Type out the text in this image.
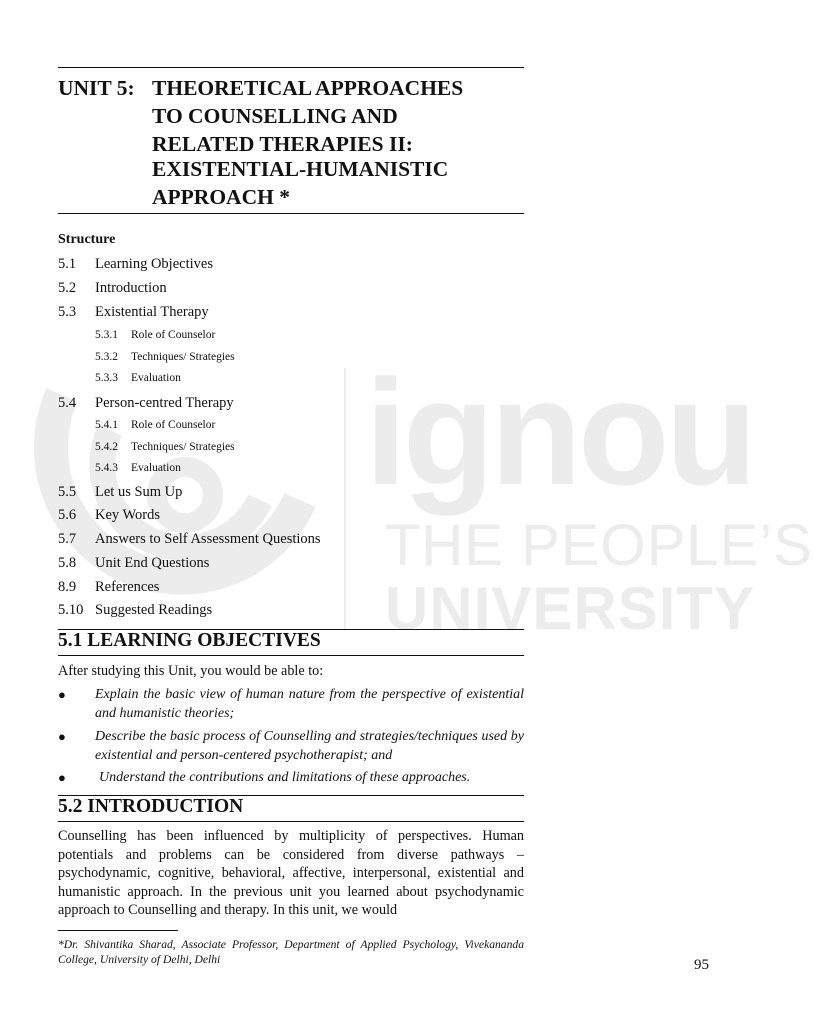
ignou
THE PEOPLE’S
UNIVERSITY
UNIT 5: THEORETICAL APPROACHES
TO COUNSELLING AND
RELATED THERAPIES II:
EXISTENTIAL-HUMANISTIC
APPROACH *
Structure
5.1 Learning Objectives
5.2 Introduction
5.3 Existential Therapy
5.3.1 Role of Counselor
5.3.2 Techniques/ Strategies
5.3.3 Evaluation
5.4 Person-centred Therapy
5.4.1 Role of Counselor
5.4.2 Techniques/ Strategies
5.4.3 Evaluation
5.5 Let us Sum Up
5.6 Key Words
5.7 Answers to Self Assessment Questions
5.8 Unit End Questions
8.9 References
5.10 Suggested Readings
5.1 LEARNING OBJECTIVES
After studying this Unit, you would be able to:
● Explain the basic view of human nature from the perspective of existential and humanistic theories;
● Describe the basic process of Counselling and strategies/techniques used by existential and person-centered psychotherapist; and
● Understand the contributions and limitations of these approaches.
5.2 INTRODUCTION
Counselling has been influenced by multiplicity of perspectives. Human potentials and problems can be considered from diverse pathways – psychodynamic, cognitive, behavioral, affective, interpersonal, existential and humanistic approach. In the previous unit you learned about psychodynamic approach to Counselling and therapy. In this unit, we would
*Dr. Shivantika Sharad, Associate Professor, Department of Applied Psychology, Vivekananda College, University of Delhi, Delhi	95
